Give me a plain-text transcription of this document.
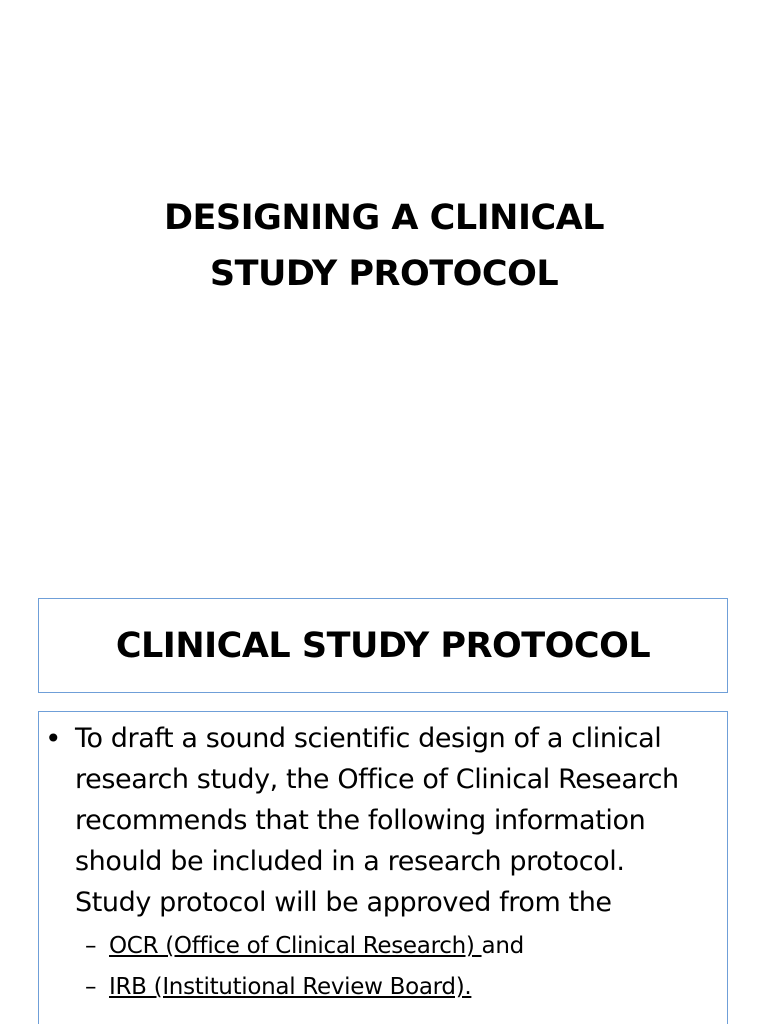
DESIGNING A CLINICAL
STUDY PROTOCOL
CLINICAL STUDY PROTOCOL
• To draft a sound scientific design of a clinical
research study, the Office of Clinical Research
recommends that the following information
should be included in a research protocol.
Study protocol will be approved from the
– OCR (Office of Clinical Research) and
– IRB (Institutional Review Board).
